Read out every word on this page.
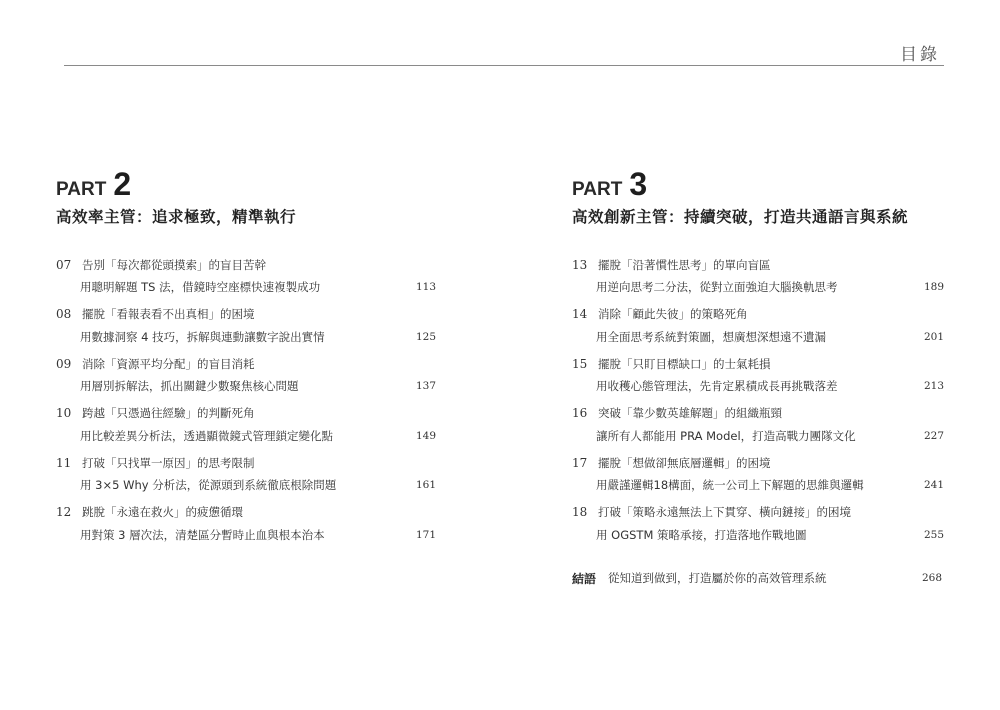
目錄
PART 2
高效率主管：追求極致，精準執行
07 告別「每次都從頭摸索」的盲目苦幹
用聰明解題 TS 法，借鏡時空座標快速複製成功	113
08 擺脫「看報表看不出真相」的困境
用數據洞察 4 技巧，拆解與連動讓數字說出實情	125
09 消除「資源平均分配」的盲目消耗
用層別拆解法，抓出關鍵少數聚焦核心問題	137
10 跨越「只憑過往經驗」的判斷死角
用比較差異分析法，透過顯微鏡式管理鎖定變化點	149
11 打破「只找單一原因」的思考限制
用 3×5 Why 分析法，從源頭到系統徹底根除問題	161
12 跳脫「永遠在救火」的疲憊循環
用對策 3 層次法，清楚區分暫時止血與根本治本	171
PART 3
高效創新主管：持續突破，打造共通語言與系統
13 擺脫「沿著慣性思考」的單向盲區
用逆向思考二分法，從對立面強迫大腦換軌思考	189
14 消除「顧此失彼」的策略死角
用全面思考系統對策圖，想廣想深想遠不遺漏	201
15 擺脫「只盯目標缺口」的士氣耗損
用收穫心態管理法，先肯定累積成長再挑戰落差	213
16 突破「靠少數英雄解題」的組織瓶頸
讓所有人都能用 PRA Model，打造高戰力團隊文化	227
17 擺脫「想做卻無底層邏輯」的困境
用嚴謹邏輯18構面，統一公司上下解題的思維與邏輯	241
18 打破「策略永遠無法上下貫穿、橫向鏈接」的困境
用 OGSTM 策略承接，打造落地作戰地圖	255
結語	從知道到做到，打造屬於你的高效管理系統	268
